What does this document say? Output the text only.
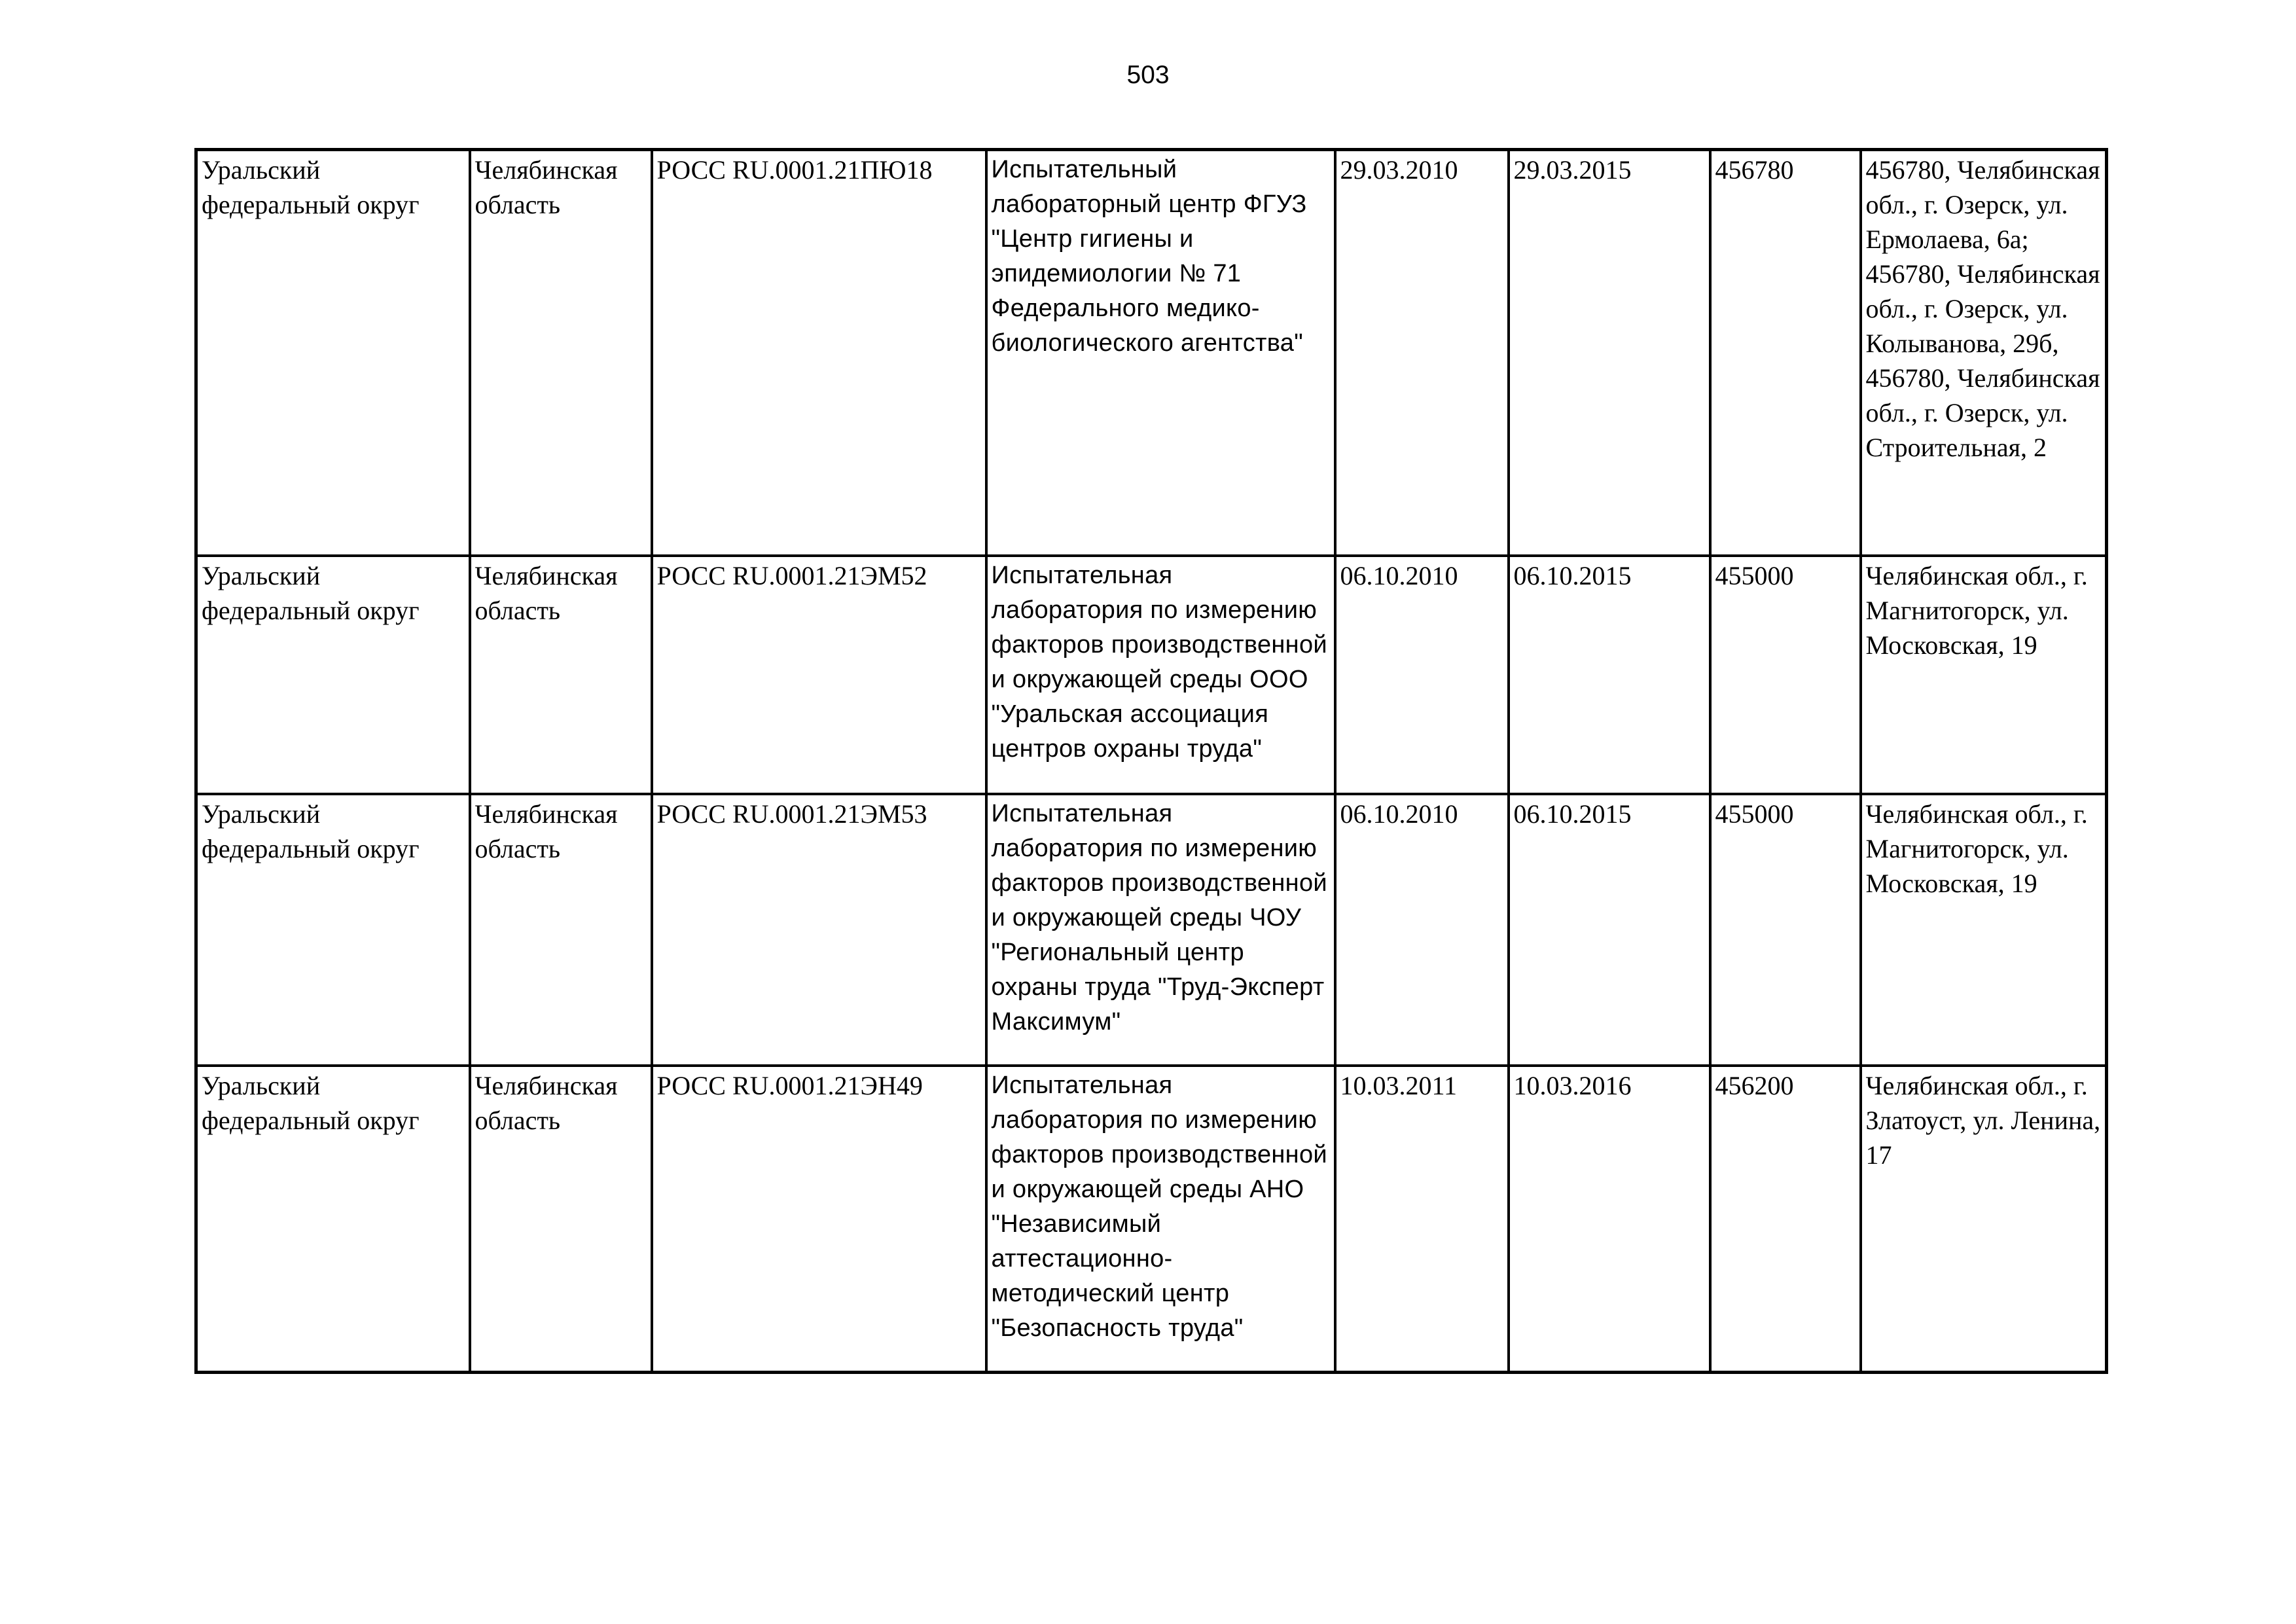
503
Уральский федеральный округ	Челябинская область	РОСС RU.0001.21ПЮ18	Испытательный лабораторный центр ФГУЗ "Центр гигиены и эпидемиологии № 71 Федерального медико-биологического агентства"	29.03.2010	29.03.2015	456780	456780, Челябинская обл., г. Озерск, ул. Ермолаева, 6а; 456780, Челябинская обл., г. Озерск, ул. Колыванова, 29б, 456780, Челябинская обл., г. Озерск, ул. Строительная, 2

Уральский федеральный округ	Челябинская область	РОСС RU.0001.21ЭМ52	Испытательная лаборатория по измерению факторов производственной и окружающей среды ООО "Уральская ассоциация центров охраны труда"	06.10.2010	06.10.2015	455000	Челябинская обл., г. Магнитогорск, ул. Московская, 19
Уральский федеральный округ	Челябинская область	РОСС RU.0001.21ЭМ53	Испытательная лаборатория по измерению факторов производственной и окружающей среды ЧОУ "Региональный центр охраны труда "Труд-Эксперт Максимум"	06.10.2010	06.10.2015	455000	Челябинская обл., г. Магнитогорск, ул. Московская, 19
Уральский федеральный округ	Челябинская область	РОСС RU.0001.21ЭН49	Испытательная лаборатория по измерению факторов производственной и окружающей среды АНО "Независимый аттестационно-методический центр "Безопасность труда"	10.03.2011	10.03.2016	456200	Челябинская обл., г. Златоуст, ул. Ленина, 17
